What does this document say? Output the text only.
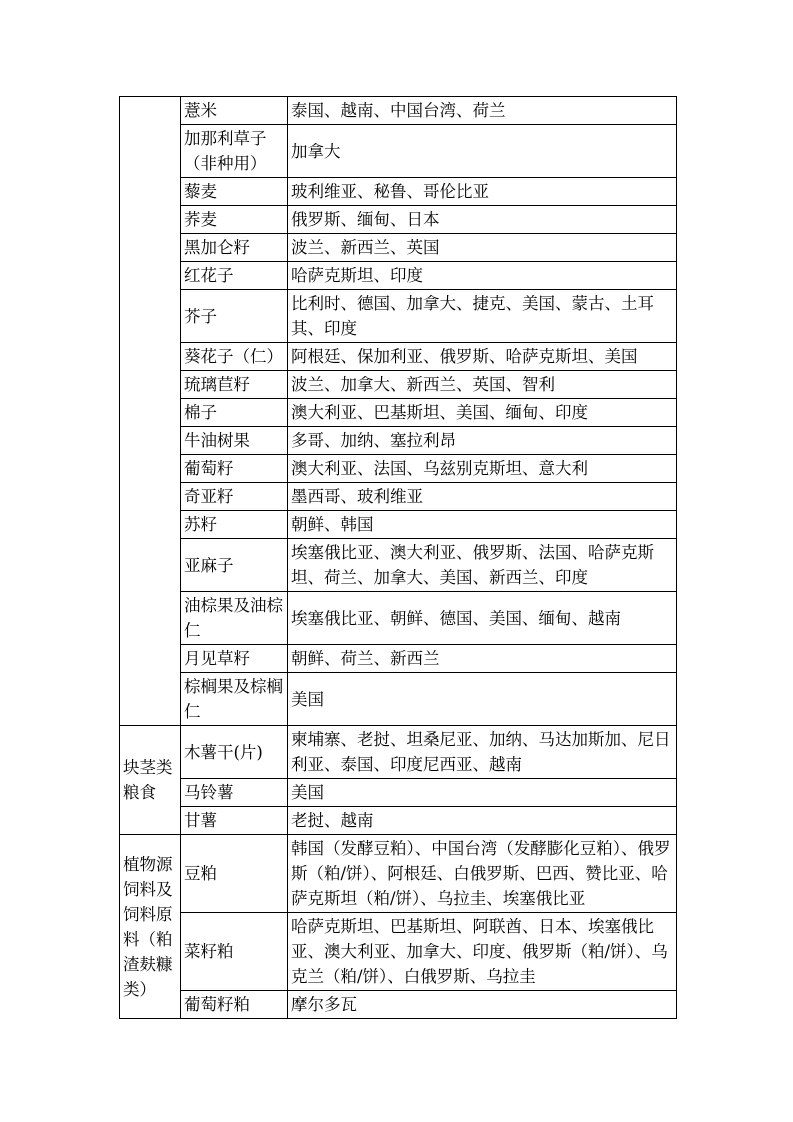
	薏米	泰国、越南、中国台湾、荷兰
	加那利草子（非种用）	加拿大
	藜麦	玻利维亚、秘鲁、哥伦比亚
	荞麦	俄罗斯、缅甸、日本
	黑加仑籽	波兰、新西兰、英国
	红花子	哈萨克斯坦、印度
	芥子	比利时、德国、加拿大、捷克、美国、蒙古、土耳其、印度
	葵花子（仁）	阿根廷、保加利亚、俄罗斯、哈萨克斯坦、美国
	琉璃苣籽	波兰、加拿大、新西兰、英国、智利
	棉子	澳大利亚、巴基斯坦、美国、缅甸、印度
	牛油树果	多哥、加纳、塞拉利昂
	葡萄籽	澳大利亚、法国、乌兹别克斯坦、意大利
	奇亚籽	墨西哥、玻利维亚
	苏籽	朝鲜、韩国
	亚麻子	埃塞俄比亚、澳大利亚、俄罗斯、法国、哈萨克斯坦、荷兰、加拿大、美国、新西兰、印度
	油棕果及油棕仁	埃塞俄比亚、朝鲜、德国、美国、缅甸、越南
	月见草籽	朝鲜、荷兰、新西兰
	棕榈果及棕榈仁	美国
块茎类粮食	木薯干(片)	柬埔寨、老挝、坦桑尼亚、加纳、马达加斯加、尼日利亚、泰国、印度尼西亚、越南
	马铃薯	美国
	甘薯	老挝、越南
植物源饲料及饲料原料（粕渣麸糠类）	豆粕	韩国（发酵豆粕）、中国台湾（发酵膨化豆粕）、俄罗斯（粕/饼）、阿根廷、白俄罗斯、巴西、赞比亚、哈萨克斯坦（粕/饼）、乌拉圭、埃塞俄比亚
	菜籽粕	哈萨克斯坦、巴基斯坦、阿联酋、日本、埃塞俄比亚、澳大利亚、加拿大、印度、俄罗斯（粕/饼）、乌克兰（粕/饼）、白俄罗斯、乌拉圭
	葡萄籽粕	摩尔多瓦
